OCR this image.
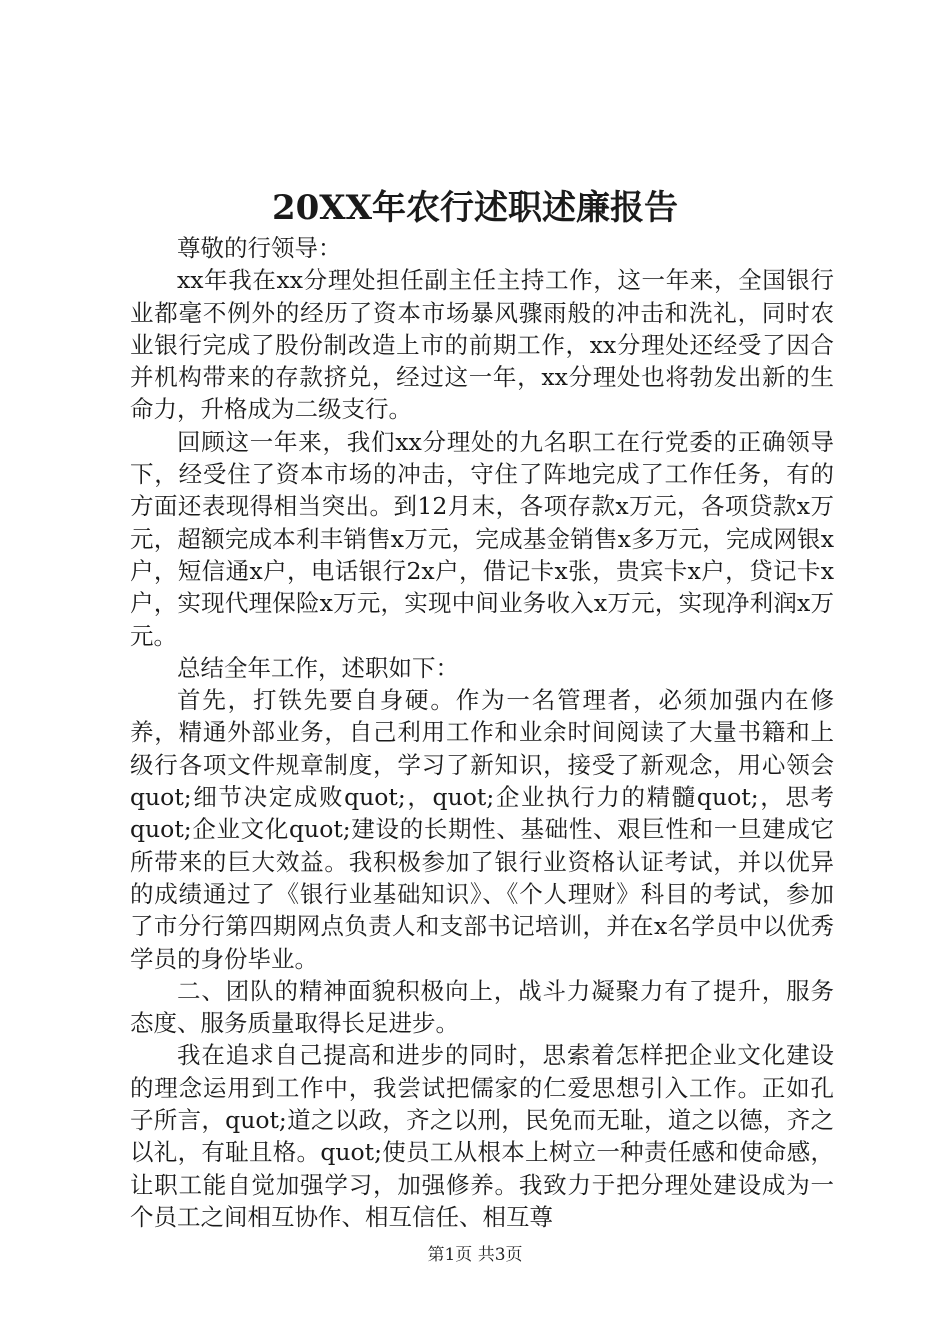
20XX年农行述职述廉报告

尊敬的行领导：

xx年我在xx分理处担任副主任主持工作，这一年来，全国银行业都毫不例外的经历了资本市场暴风骤雨般的冲击和洗礼，同时农业银行完成了股份制改造上市的前期工作，xx分理处还经受了因合并机构带来的存款挤兑，经过这一年，xx分理处也将勃发出新的生命力，升格成为二级支行。

回顾这一年来，我们xx分理处的九名职工在行党委的正确领导下，经受住了资本市场的冲击，守住了阵地完成了工作任务，有的方面还表现得相当突出。到12月末，各项存款x万元，各项贷款x万元，超额完成本利丰销售x万元，完成基金销售x多万元，完成网银x户，短信通x户，电话银行2x户，借记卡x张，贵宾卡x户，贷记卡x户，实现代理保险x万元，实现中间业务收入x万元，实现净利润x万元。

总结全年工作，述职如下：

首先，打铁先要自身硬。作为一名管理者，必须加强内在修养，精通外部业务，自己利用工作和业余时间阅读了大量书籍和上级行各项文件规章制度，学习了新知识，接受了新观念，用心领会quot;细节决定成败quot;，quot;企业执行力的精髓quot;，思考quot;企业文化quot;建设的长期性、基础性、艰巨性和一旦建成它所带来的巨大效益。我积极参加了银行业资格认证考试，并以优异的成绩通过了《银行业基础知识》、《个人理财》科目的考试，参加了市分行第四期网点负责人和支部书记培训，并在x名学员中以优秀学员的身份毕业。

二、团队的精神面貌积极向上，战斗力凝聚力有了提升，服务态度、服务质量取得长足进步。

我在追求自己提高和进步的同时，思索着怎样把企业文化建设的理念运用到工作中，我尝试把儒家的仁爱思想引入工作。正如孔子所言，quot;道之以政，齐之以刑，民免而无耻，道之以德，齐之以礼，有耻且格。quot;使员工从根本上树立一种责任感和使命感，让职工能自觉加强学习，加强修养。我致力于把分理处建设成为一个员工之间相互协作、相互信任、相互尊

第1页 共3页
